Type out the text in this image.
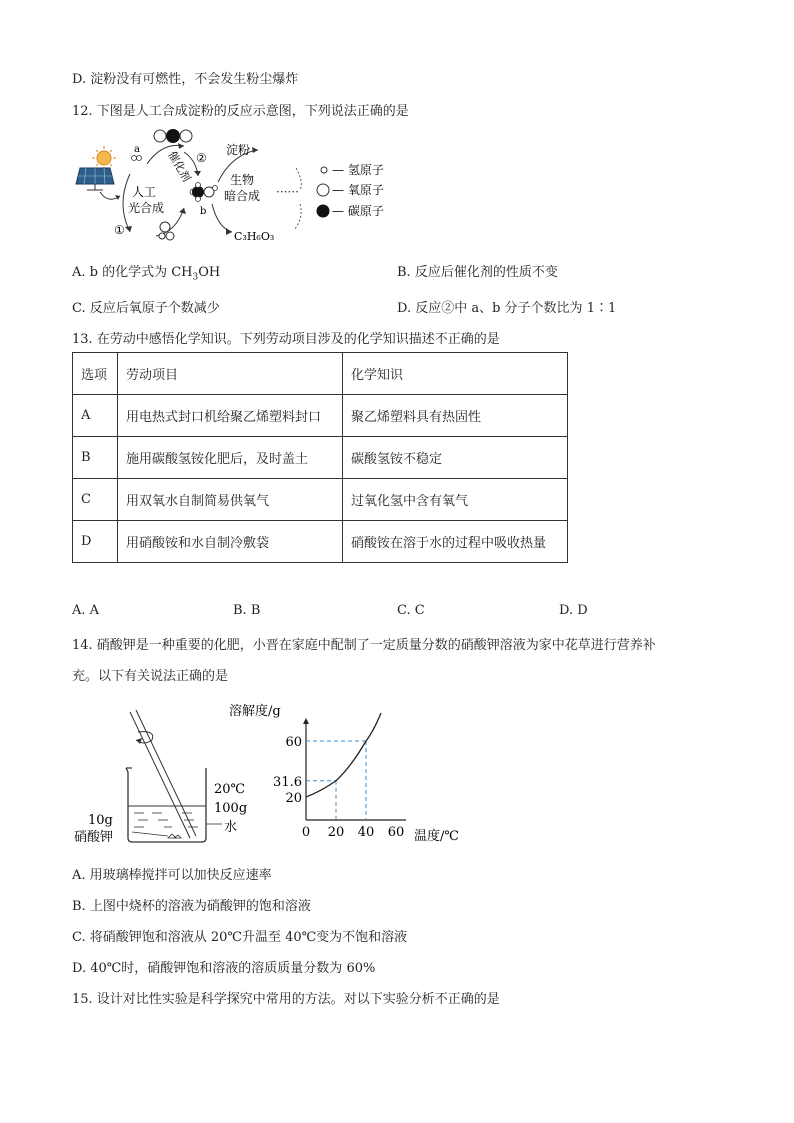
D. 淀粉没有可燃性，不会发生粉尘爆炸
12. 下图是人工合成淀粉的反应示意图，下列说法正确的是
a 催化剂 ②
人工
光合成
①
b
淀粉
生物
暗合成 ······
C₃H₆O₃
— 氢原子
— 氧原子
— 碳原子
A. b 的化学式为 $CH_3OH$	B. 反应后催化剂的性质不变
C. 反应后氧原子个数减少	D. 反应②中 a、b 分子个数比为 1∶1
13. 在劳动中感悟化学知识。下列劳动项目涉及的化学知识描述不正确的是
选项	劳动项目	化学知识
A	用电热式封口机给聚乙烯塑料封口	聚乙烯塑料具有热固性
B	施用碳酸氢铵化肥后，及时盖土	碳酸氢铵不稳定
C	用双氧水自制简易供氧气	过氧化氢中含有氧气
D	用硝酸铵和水自制冷敷袋	硝酸铵在溶于水的过程中吸收热量
A. A	B. B	C. C	D. D
14. 硝酸钾是一种重要的化肥，小晋在家庭中配制了一定质量分数的硝酸钾溶液为家中花草进行营养补
充。以下有关说法正确的是
20℃
100g
水
10g
硝酸钾
溶解度/g
温度/℃
0 20 40 60
20
31.6
60
A. 用玻璃棒搅拌可以加快反应速率
B. 上图中烧杯的溶液为硝酸钾的饱和溶液
C. 将硝酸钾饱和溶液从 20℃升温至 40℃变为不饱和溶液
D. 40℃时，硝酸钾饱和溶液的溶质质量分数为 60%
15. 设计对比性实验是科学探究中常用的方法。对以下实验分析不正确的是
